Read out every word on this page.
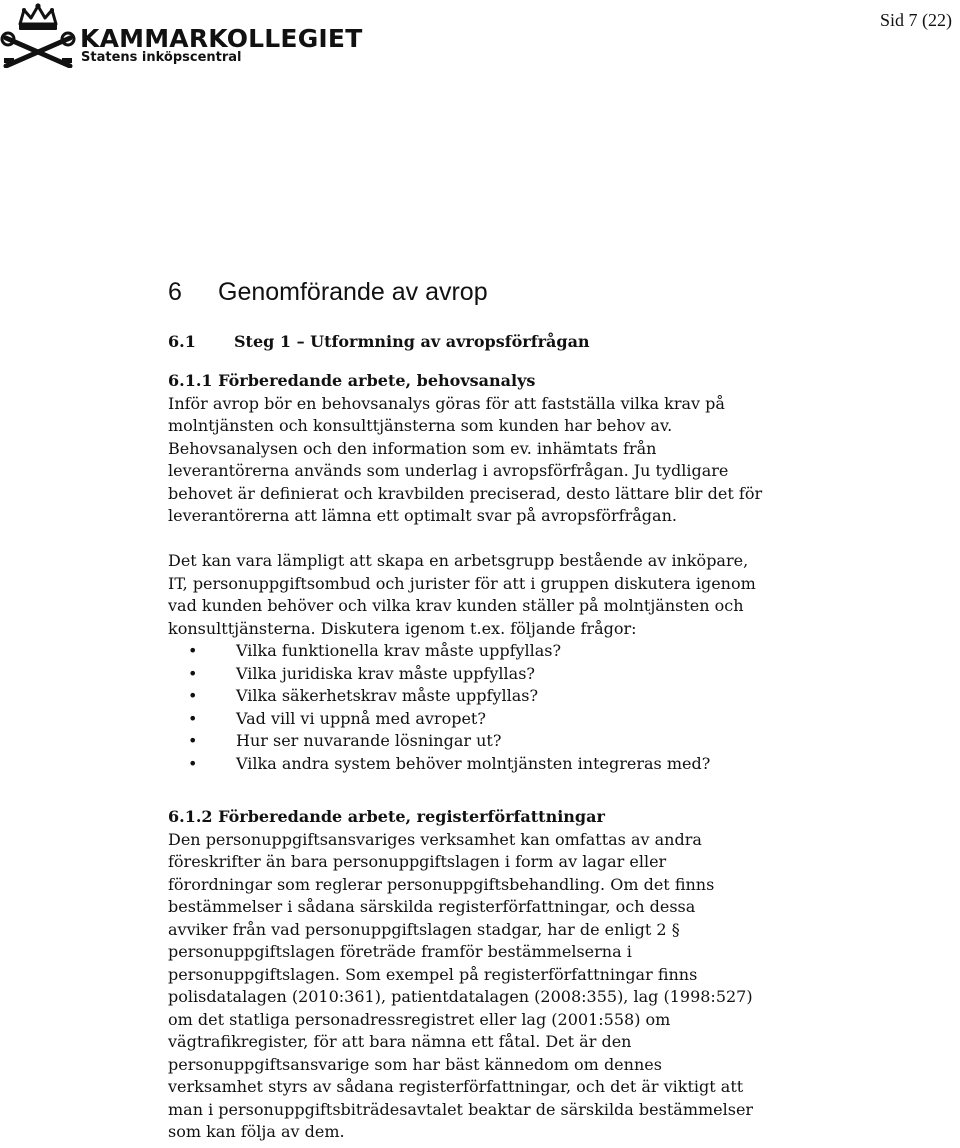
KAMMARKOLLEGIET
Statens inköpscentral
Sid 7 (22)
6 Genomförande av avrop
6.1 Steg 1 – Utformning av avropsförfrågan
6.1.1 Förberedande arbete, behovsanalys
Inför avrop bör en behovsanalys göras för att fastställa vilka krav på
molntjänsten och konsulttjänsterna som kunden har behov av.
Behovsanalysen och den information som ev. inhämtats från
leverantörerna används som underlag i avropsförfrågan. Ju tydligare
behovet är definierat och kravbilden preciserad, desto lättare blir det för
leverantörerna att lämna ett optimalt svar på avropsförfrågan.
Det kan vara lämpligt att skapa en arbetsgrupp bestående av inköpare,
IT, personuppgiftsombud och jurister för att i gruppen diskutera igenom
vad kunden behöver och vilka krav kunden ställer på molntjänsten och
konsulttjänsterna. Diskutera igenom t.ex. följande frågor:
• Vilka funktionella krav måste uppfyllas?
• Vilka juridiska krav måste uppfyllas?
• Vilka säkerhetskrav måste uppfyllas?
• Vad vill vi uppnå med avropet?
• Hur ser nuvarande lösningar ut?
• Vilka andra system behöver molntjänsten integreras med?
6.1.2 Förberedande arbete, registerförfattningar
Den personuppgiftsansvariges verksamhet kan omfattas av andra
föreskrifter än bara personuppgiftslagen i form av lagar eller
förordningar som reglerar personuppgiftsbehandling. Om det finns
bestämmelser i sådana särskilda registerförfattningar, och dessa
avviker från vad personuppgiftslagen stadgar, har de enligt 2 §
personuppgiftslagen företräde framför bestämmelserna i
personuppgiftslagen. Som exempel på registerförfattningar finns
polisdatalagen (2010:361), patientdatalagen (2008:355), lag (1998:527)
om det statliga personadressregistret eller lag (2001:558) om
vägtrafikregister, för att bara nämna ett fåtal. Det är den
personuppgiftsansvarige som har bäst kännedom om dennes
verksamhet styrs av sådana registerförfattningar, och det är viktigt att
man i personuppgiftsbiträdesavtalet beaktar de särskilda bestämmelser
som kan följa av dem.
